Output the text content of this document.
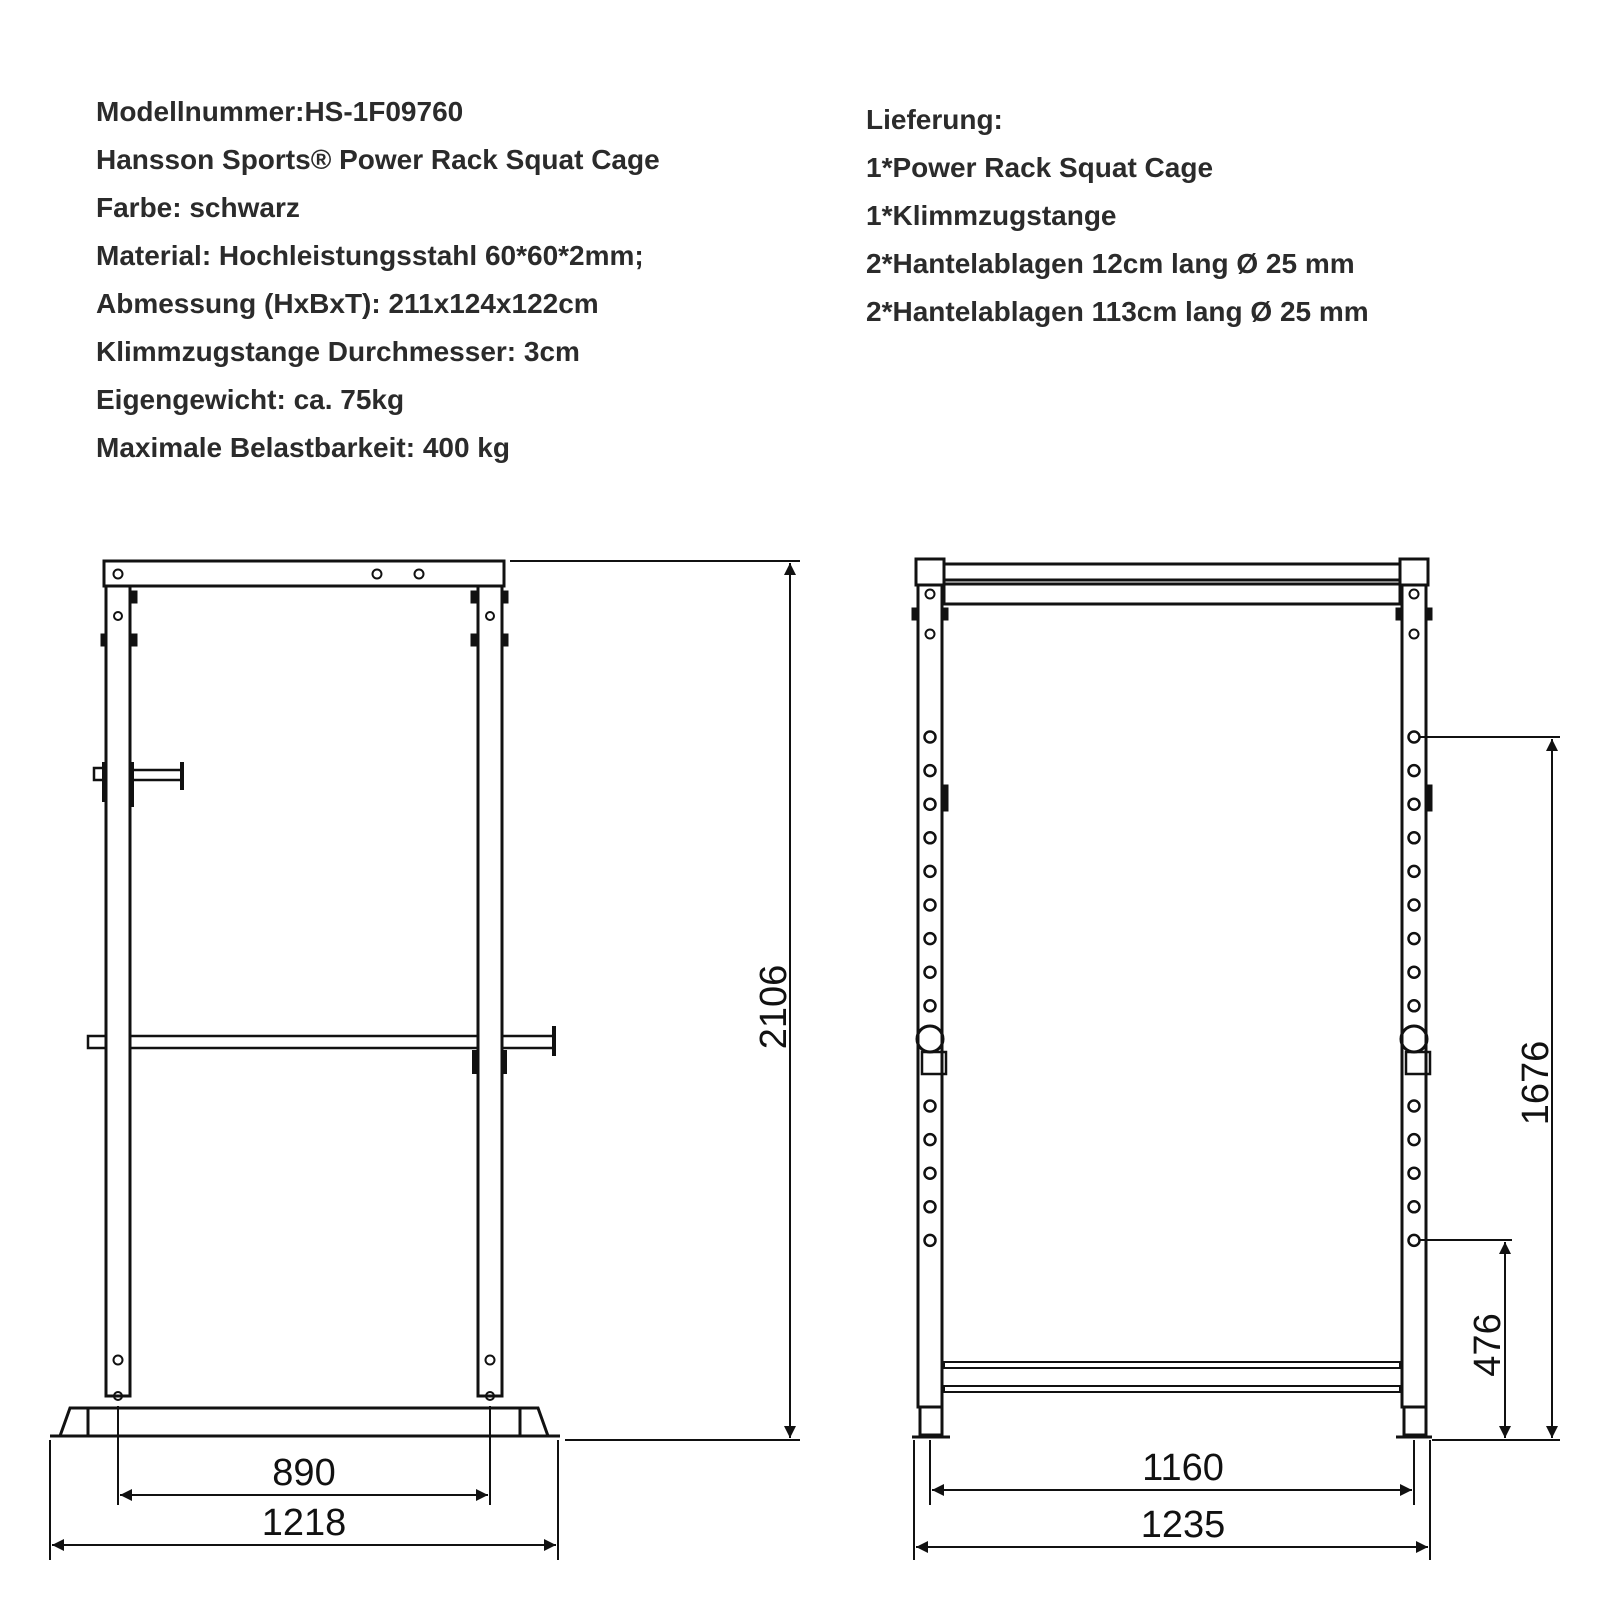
Modellnummer:HS-1F09760
Hansson Sports® Power Rack Squat Cage
Farbe: schwarz
Material: Hochleistungsstahl 60*60*2mm;
Abmessung (HxBxT): 211x124x122cm
Klimmzugstange Durchmesser: 3cm
Eigengewicht: ca. 75kg
Maximale Belastbarkeit: 400 kg
Lieferung:
1*Power Rack Squat Cage
1*Klimmzugstange
2*Hantelablagen 12cm lang Ø 25 mm
2*Hantelablagen 113cm lang Ø 25 mm
890
1218
2106
1160
1235
1676
476
